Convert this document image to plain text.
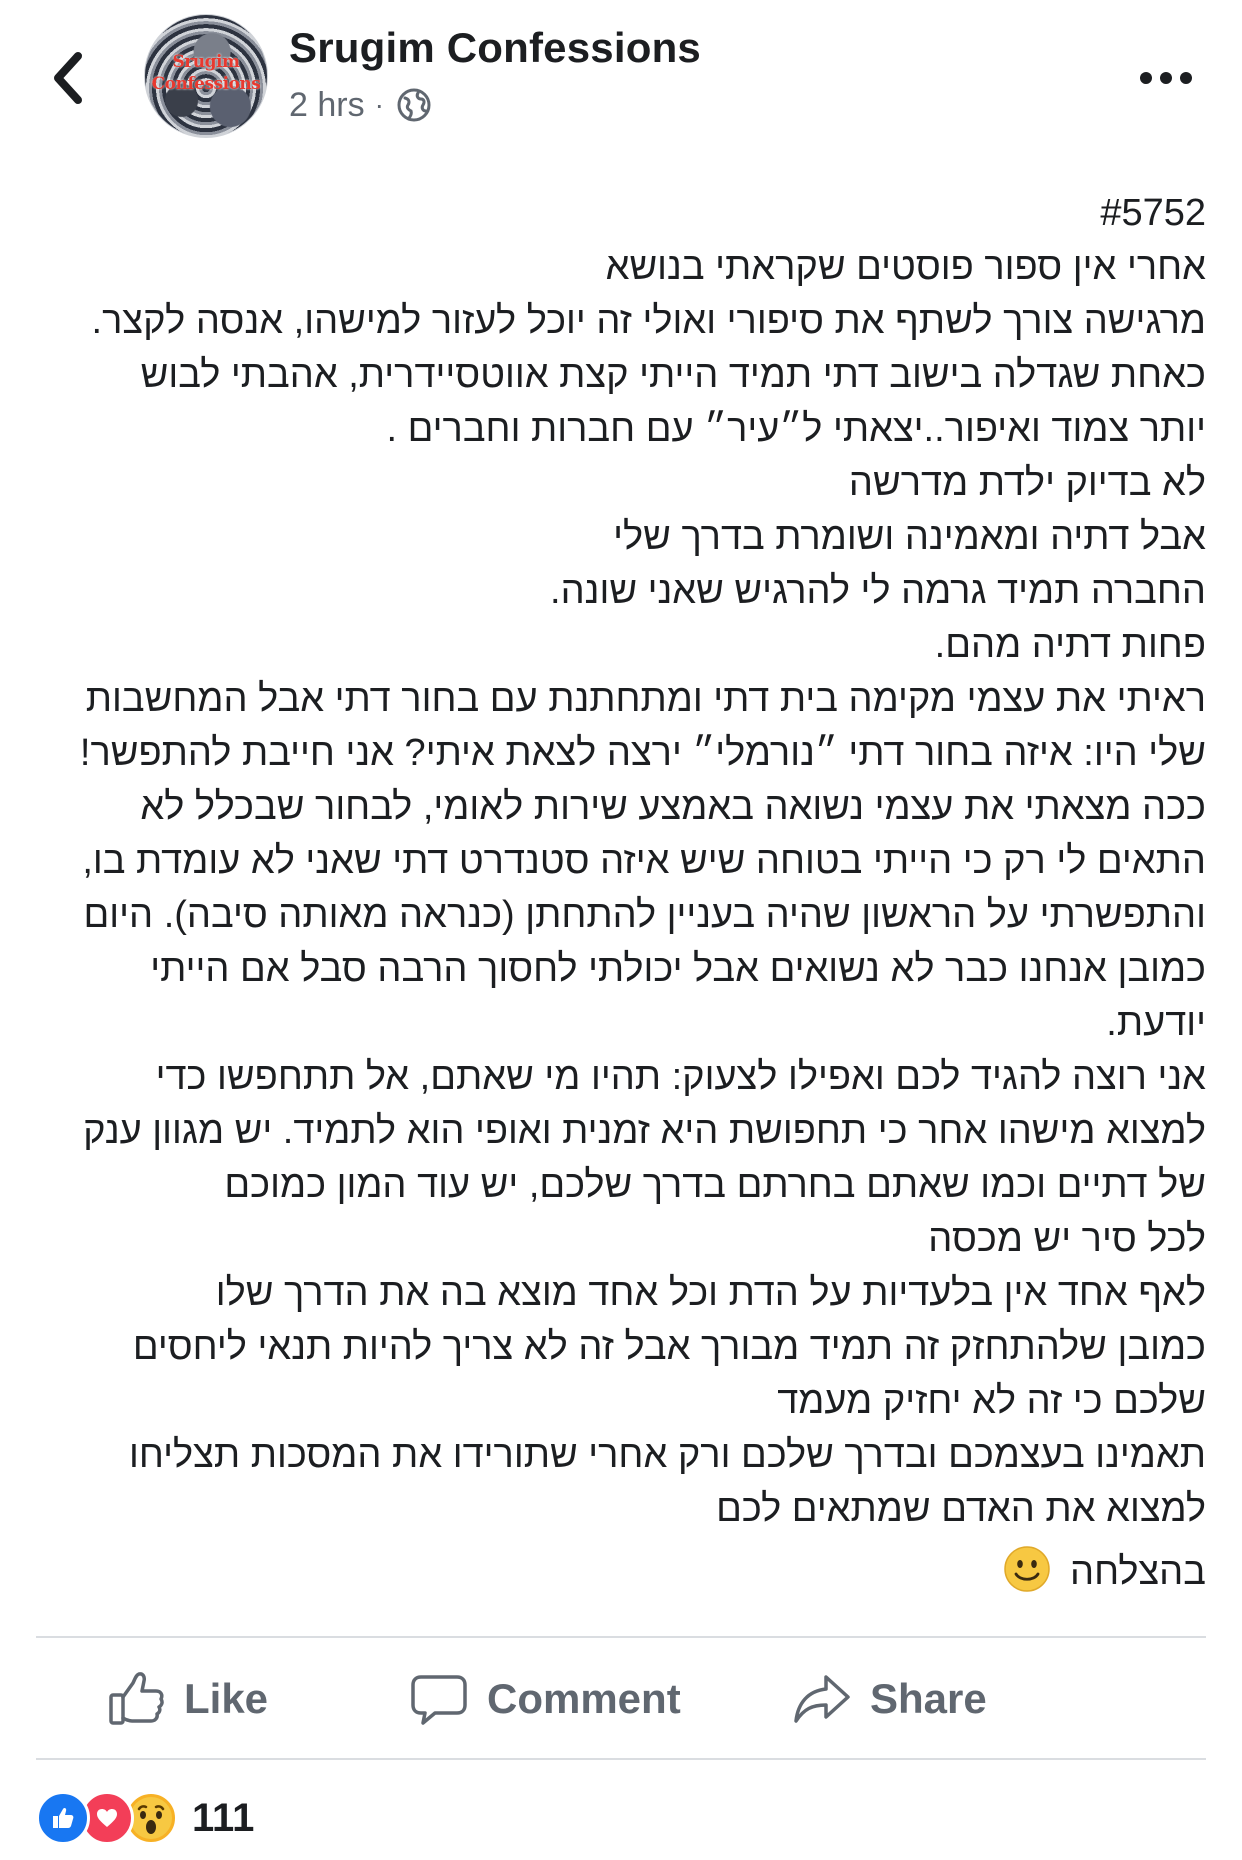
Srugim
Confessions
Srugim Confessions
2 hrs ·
#5752
אחרי אין ספור פוסטים שקראתי בנושא
מרגישה צורך לשתף את סיפורי ואולי זה יוכל לעזור למישהו, אנסה לקצר.
כאחת שגדלה בישוב דתי תמיד הייתי קצת אווטסיידרית, אהבתי לבוש
יותר צמוד ואיפור..יצאתי ל״עיר״ עם חברות וחברים .
לא בדיוק ילדת מדרשה
אבל דתיה ומאמינה ושומרת בדרך שלי
החברה תמיד גרמה לי להרגיש שאני שונה.
פחות דתיה מהם.
ראיתי את עצמי מקימה בית דתי ומתחתנת עם בחור דתי אבל המחשבות
שלי היו: איזה בחור דתי ״נורמלי״ ירצה לצאת איתי? אני חייבת להתפשר!
ככה מצאתי את עצמי נשואה באמצע שירות לאומי, לבחור שבכלל לא
התאים לי רק כי הייתי בטוחה שיש איזה סטנדרט דתי שאני לא עומדת בו,
והתפשרתי על הראשון שהיה בעניין להתחתן (כנראה מאותה סיבה). היום
כמובן אנחנו כבר לא נשואים אבל יכולתי לחסוך הרבה סבל אם הייתי
יודעת.
אני רוצה להגיד לכם ואפילו לצעוק: תהיו מי שאתם, אל תתחפשו כדי
למצוא מישהו אחר כי תחפושת היא זמנית ואופי הוא לתמיד. יש מגוון ענק
של דתיים וכמו שאתם בחרתם בדרך שלכם, יש עוד המון כמוכם
לכל סיר יש מכסה
לאף אחד אין בלעדיות על הדת וכל אחד מוצא בה את הדרך שלו
כמובן שלהתחזק זה תמיד מבורך אבל זה לא צריך להיות תנאי ליחסים
שלכם כי זה לא יחזיק מעמד
תאמינו בעצמכם ובדרך שלכם ורק אחרי שתורידו את המסכות תצליחו
למצוא את האדם שמתאים לכם
בהצלחה
Like	Comment	Share
111
